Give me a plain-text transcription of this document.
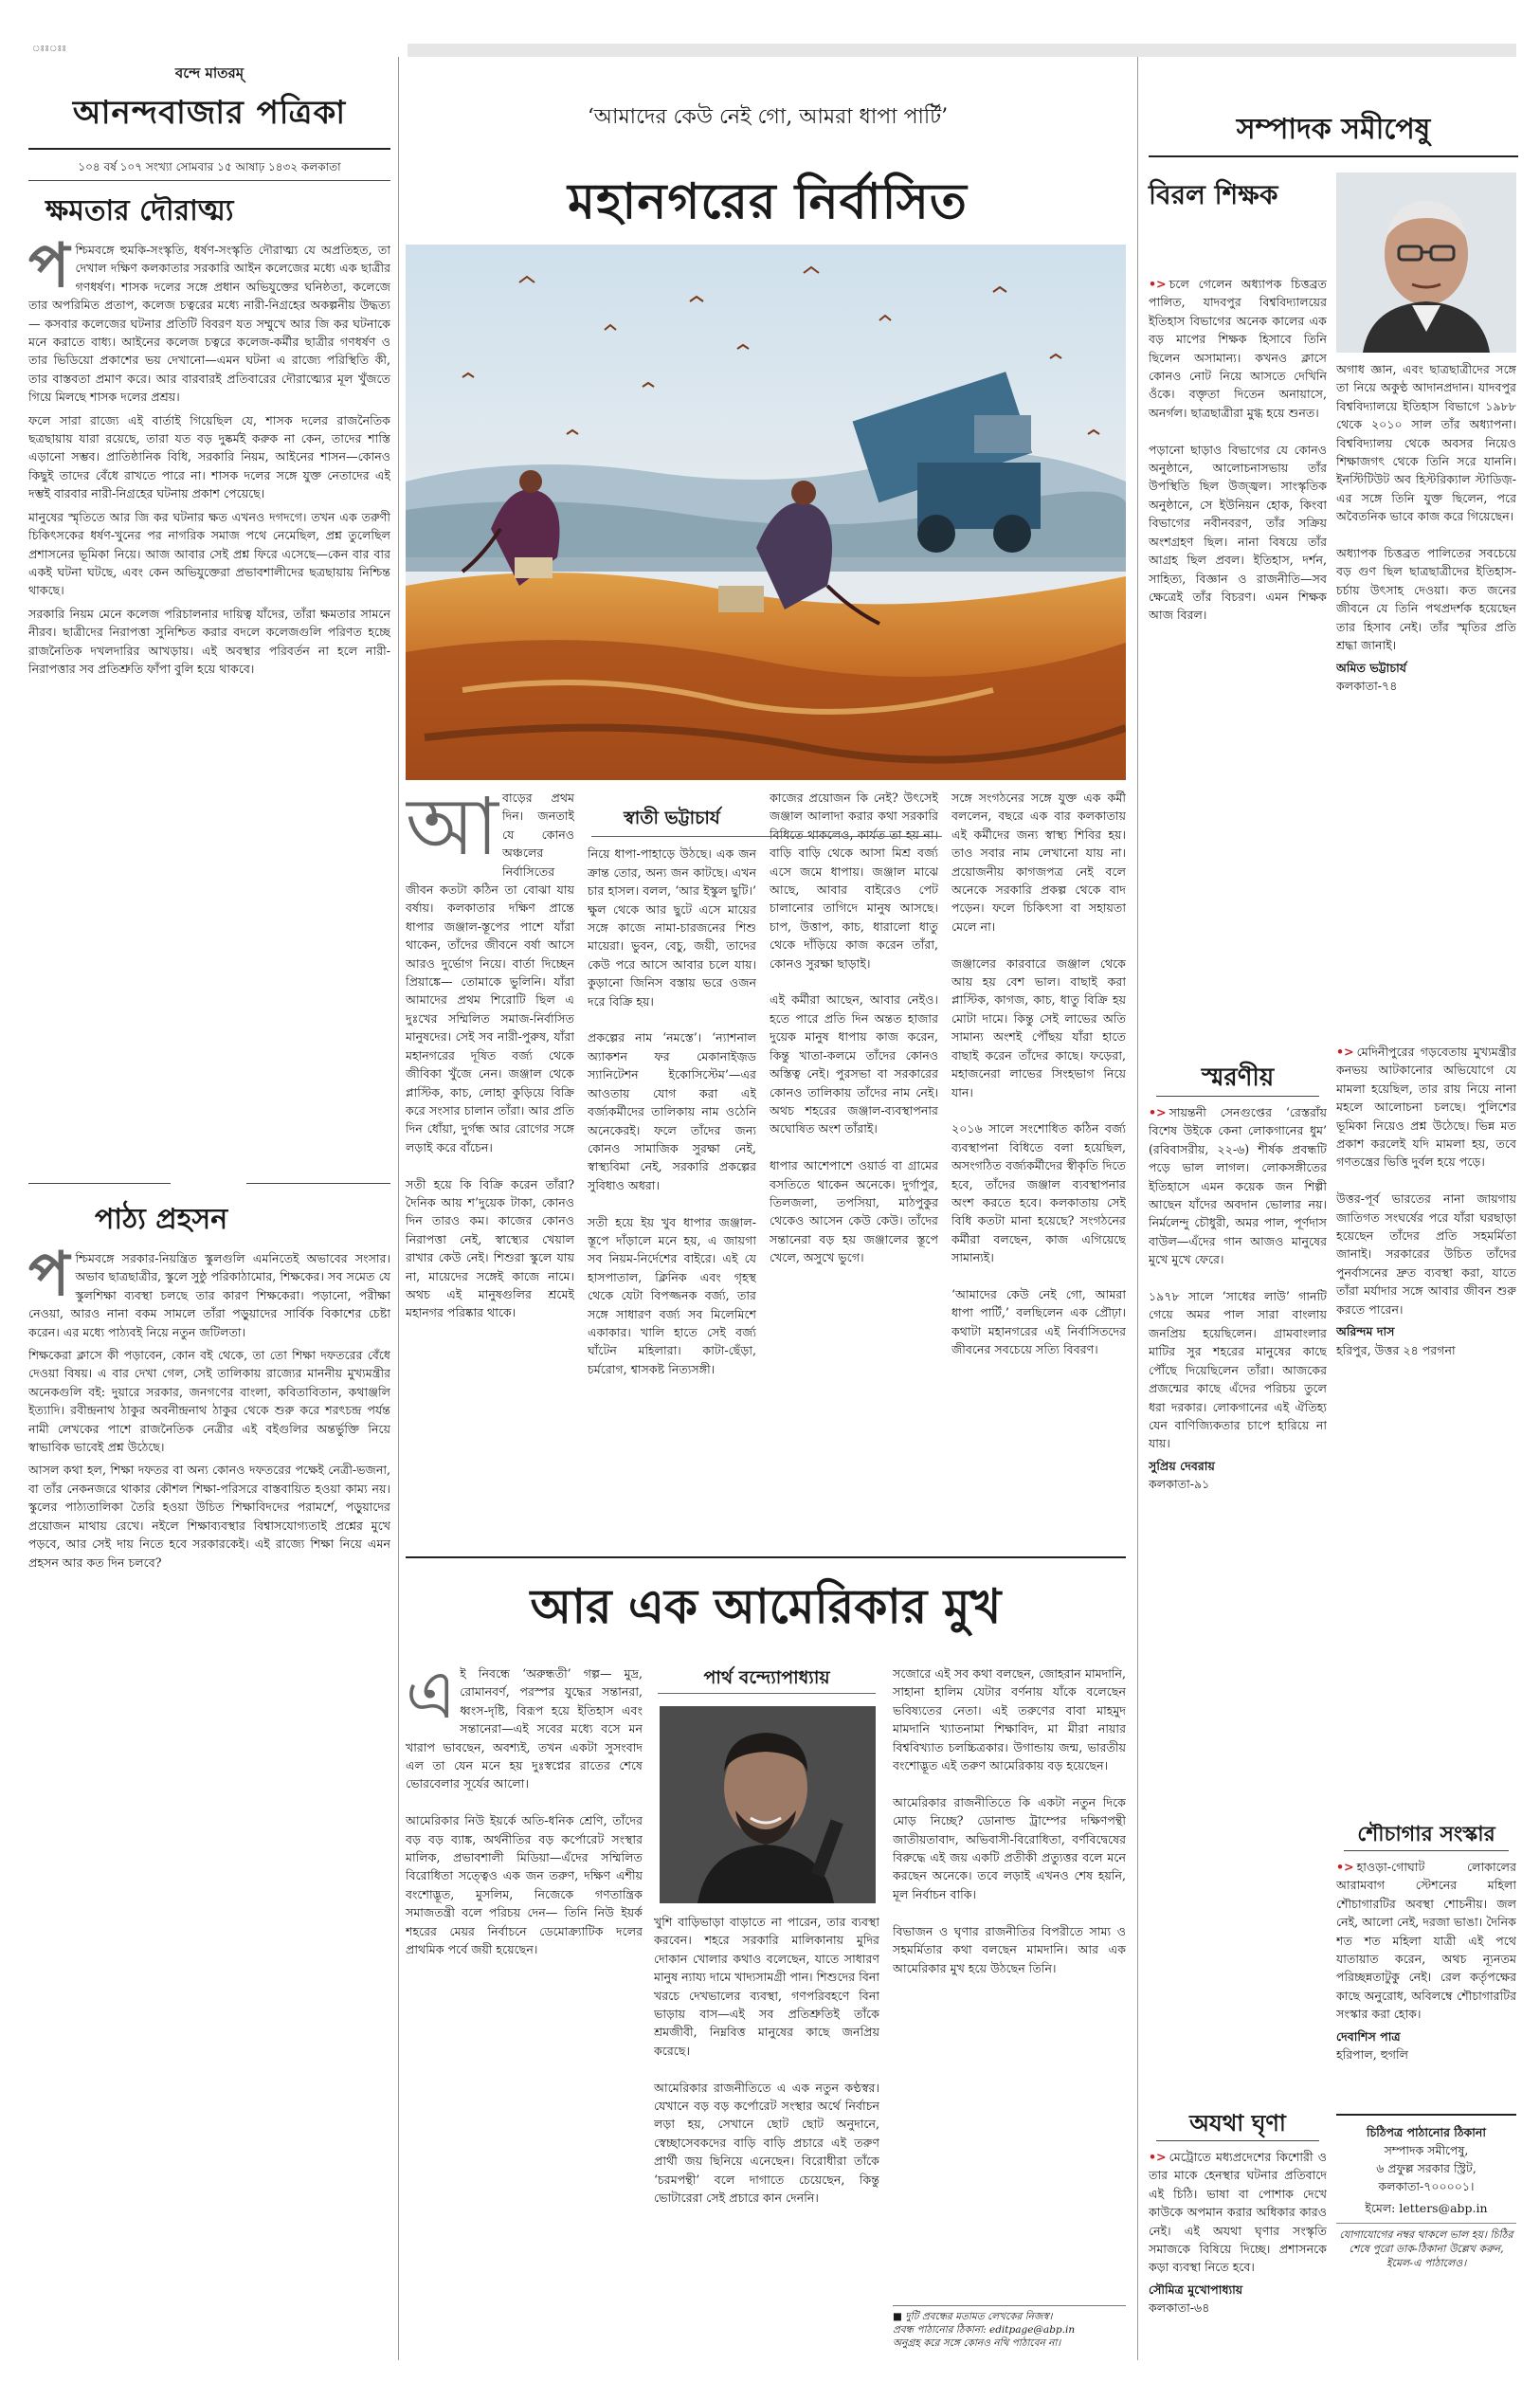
ঃঃঃঃ
বন্দে মাতরম্
আনন্দবাজার পত্রিকা
১০৪ বর্ষ ১০৭ সংখ্যা সোমবার ১৫ আষাঢ় ১৪৩২ কলকাতা
ক্ষমতার দৌরাত্ম্য
প শ্চিমবঙ্গে হুমকি-সংস্কৃতি, ধর্ষণ-সংস্কৃতি দৌরাত্ম্য যে অপ্রতিহত, তা দেখাল দক্ষিণ কলকাতার সরকারি আইন কলেজের মধ্যে এক ছাত্রীর গণধর্ষণ। শাসক দলের সঙ্গে প্রধান অভিযুক্তের ঘনিষ্ঠতা, কলেজে তার অপরিমিত প্রতাপ, কলেজ চত্বরের মধ্যে নারী-নিগ্রহের অকল্পনীয় উদ্ধত্য— কসবার কলেজের ঘটনার প্রতিটি বিবরণ যত সম্মুখে আর জি কর ঘটনাকে মনে করাতে বাধ্য। আইনের কলেজ চত্বরে কলেজ-কর্মীর ছাত্রীর গণধর্ষণ ও তার ভিডিয়ো প্রকাশের ভয় দেখানো—এমন ঘটনা এ রাজ্যে পরিস্থিতি কী, তার বাস্তবতা প্রমাণ করে। আর বারবারই প্রতিবারের দৌরাত্ম্যের মূল খুঁজতে গিয়ে মিলছে শাসক দলের প্রশ্রয়।

ফলে সারা রাজ্যে এই বার্তাই গিয়েছিল যে, শাসক দলের রাজনৈতিক ছত্রছায়ায় যারা রয়েছে, তারা যত বড় দুষ্কর্মই করুক না কেন, তাদের শাস্তি এড়ানো সম্ভব। প্রাতিষ্ঠানিক বিধি, সরকারি নিয়ম, আইনের শাসন—কোনও কিছুই তাদের বেঁধে রাখতে পারে না। শাসক দলের সঙ্গে যুক্ত নেতাদের এই দম্ভই বারবার নারী-নিগ্রহের ঘটনায় প্রকাশ পেয়েছে।

মানুষের স্মৃতিতে আর জি কর ঘটনার ক্ষত এখনও দগদগে। তখন এক তরুণী চিকিৎসকের ধর্ষণ-খুনের পর নাগরিক সমাজ পথে নেমেছিল, প্রশ্ন তুলেছিল প্রশাসনের ভূমিকা নিয়ে। আজ আবার সেই প্রশ্ন ফিরে এসেছে—কেন বার বার একই ঘটনা ঘটছে, এবং কেন অভিযুক্তেরা প্রভাবশালীদের ছত্রছায়ায় নিশ্চিন্ত থাকছে।

সরকারি নিয়ম মেনে কলেজ পরিচালনার দায়িত্ব যাঁদের, তাঁরা ক্ষমতার সামনে নীরব। ছাত্রীদের নিরাপত্তা সুনিশ্চিত করার বদলে কলেজগুলি পরিণত হচ্ছে রাজনৈতিক দখলদারির আখড়ায়। এই অবস্থার পরিবর্তন না হলে নারী-নিরাপত্তার সব প্রতিশ্রুতি ফাঁপা বুলি হয়ে থাকবে।

পাঠ্য প্রহসন
প শ্চিমবঙ্গে সরকার-নিয়ন্ত্রিত স্কুলগুলি এমনিতেই অভাবের সংসার। অভাব ছাত্রছাত্রীর, স্কুলে সুষ্ঠু পরিকাঠামোর, শিক্ষকের। সব সমেত যে স্কুলশিক্ষা ব্যবস্থা চলছে তার কারণ শিক্ষকেরা। পড়ানো, পরীক্ষা নেওয়া, আরও নানা বকম সামলে তাঁরা পড়ুয়াদের সার্বিক বিকাশের চেষ্টা করেন। এর মধ্যে পাঠ্যবই নিয়ে নতুন জটিলতা।

শিক্ষকেরা ক্লাসে কী পড়াবেন, কোন বই থেকে, তা তো শিক্ষা দফতরের বেঁধে দেওয়া বিষয়। এ বার দেখা গেল, সেই তালিকায় রাজ্যের মাননীয় মুখ্যমন্ত্রীর অনেকগুলি বই: দুয়ারে সরকার, জনগণের বাংলা, কবিতাবিতান, কথাঞ্জলি ইত্যাদি। রবীন্দ্রনাথ ঠাকুর অবনীন্দ্রনাথ ঠাকুর থেকে শুরু করে শরৎচন্দ্র পর্যন্ত নামী লেখকের পাশে রাজনৈতিক নেত্রীর এই বইগুলির অন্তর্ভুক্তি নিয়ে স্বাভাবিক ভাবেই প্রশ্ন উঠেছে।

আসল কথা হল, শিক্ষা দফতর বা অন্য কোনও দফতরের পক্ষেই নেত্রী-ভজনা, বা তাঁর নেকনজরে থাকার কৌশল শিক্ষা-পরিসরে বাস্তবায়িত হওয়া কাম্য নয়। স্কুলের পাঠ্যতালিকা তৈরি হওয়া উচিত শিক্ষাবিদদের পরামর্শে, পড়ুয়াদের প্রয়োজন মাথায় রেখে। নইলে শিক্ষাব্যবস্থার বিশ্বাসযোগ্যতাই প্রশ্নের মুখে পড়বে, আর সেই দায় নিতে হবে সরকারকেই। এই রাজ্যে শিক্ষা নিয়ে এমন প্রহসন আর কত দিন চলবে?

‘আমাদের কেউ নেই গো, আমরা ধাপা পার্টি’
মহানগরের নির্বাসিত
আ বাড়ের প্রথম দিন। জনতাই যে কোনও অঞ্চলের নির্বাসিতের জীবন কতটা কঠিন তা বোঝা যায় বর্ষায়। কলকাতার দক্ষিণ প্রান্তে ধাপার জঞ্জাল-স্তূপের পাশে যাঁরা থাকেন, তাঁদের জীবনে বর্ষা আসে আরও দুর্ভোগ নিয়ে। বার্তা দিচ্ছেন প্রিয়াঙ্কে— তোমাকে ভুলিনি। যাঁরা আমাদের প্রথম শিরোটি ছিল এ দুঃখের সম্মিলিত সমাজ-নির্বাসিত মানুষদের। সেই সব নারী-পুরুষ, যাঁরা মহানগরের দূষিত বর্জ্য থেকে জীবিকা খুঁজে নেন। জঞ্জাল থেকে প্লাস্টিক, কাচ, লোহা কুড়িয়ে বিক্রি করে সংসার চালান তাঁরা। আর প্রতি দিন ধোঁয়া, দুর্গন্ধ আর রোগের সঙ্গে লড়াই করে বাঁচেন।

সতী হয়ে কি বিক্রি করেন তাঁরা? দৈনিক আয় শ’দুয়েক টাকা, কোনও দিন তারও কম। কাজের কোনও নিরাপত্তা নেই, স্বাস্থ্যের খেয়াল রাখার কেউ নেই। শিশুরা স্কুলে যায় না, মায়েদের সঙ্গেই কাজে নামে। অথচ এই মানুষগুলির শ্রমেই মহানগর পরিষ্কার থাকে।
স্বাতী ভট্টাচার্য
নিয়ে ধাপা-পাহাড়ে উঠছে। এক জন ক্রান্ত তোর, অন্য জন কাটছে। এখন চার হাসল। বলল, ‘আর ইস্কুল ছুটি।’ ক্ষুল থেকে আর ছুটে এসে মায়ের সঙ্গে কাজে নামা-চারজনের শিশু মায়েরা। ভুবন, বেচু, জয়ী, তাদের কেউ পরে আসে আবার চলে যায়। কুড়ানো জিনিস বস্তায় ভরে ওজন দরে বিক্রি হয়।

প্রকল্পের নাম ‘নমস্তে’। ‘ন্যাশনাল অ্যাকশন ফর মেকানাইজ়ড স্যানিটেশন ইকোসিস্টেম’—এর আওতায় যোগ করা এই বর্জ্যকর্মীদের তালিকায় নাম ওঠেনি অনেকেরই। ফলে তাঁদের জন্য কোনও সামাজিক সুরক্ষা নেই, স্বাস্থ্যবিমা নেই, সরকারি প্রকল্পের সুবিধাও অধরা।

সতী হয়ে ইয় খুব ধাপার জঞ্জাল-স্তূপে দাঁড়ালে মনে হয়, এ জায়গা সব নিয়ম-নির্দেশের বাইরে। এই যে হাসপাতাল, ক্লিনিক এবং গৃহস্থ থেকে যেটা বিপজ্জনক বর্জ্য, তার সঙ্গে সাধারণ বর্জ্য সব মিলেমিশে একাকার। খালি হাতে সেই বর্জ্য ঘাঁটেন মহিলারা। কাটা-ছেঁড়া, চর্মরোগ, শ্বাসকষ্ট নিত্যসঙ্গী।
কাজের প্রয়োজন কি নেই? উৎসেই জঞ্জাল আলাদা করার কথা সরকারি বিধিতে থাকলেও, কার্যত তা হয় না। বাড়ি বাড়ি থেকে আসা মিশ্র বর্জ্য এসে জমে ধাপায়। জঞ্জাল মাঝে আছে, আবার বাইরেও পেট চালানোর তাগিদে মানুষ আসছে। চাপ, উত্তাপ, কাচ, ধারালো ধাতু থেকে দাঁড়িয়ে কাজ করেন তাঁরা, কোনও সুরক্ষা ছাড়াই।

এই কর্মীরা আছেন, আবার নেইও। হতে পারে প্রতি দিন অন্তত হাজার দুয়েক মানুষ ধাপায় কাজ করেন, কিন্তু খাতা-কলমে তাঁদের কোনও অস্তিত্ব নেই। পুরসভা বা সরকারের কোনও তালিকায় তাঁদের নাম নেই। অথচ শহরের জঞ্জাল-ব্যবস্থাপনার অঘোষিত অংশ তাঁরাই।

ধাপার আশেপাশে ওয়ার্ড বা গ্রামের বসতিতে থাকেন অনেকে। দুর্গাপুর, তিলজলা, তপসিয়া, মাঠপুকুর থেকেও আসেন কেউ কেউ। তাঁদের সন্তানেরা বড় হয় জঞ্জালের স্তূপে খেলে, অসুখে ভুগে।
সঙ্গে সংগঠনের সঙ্গে যুক্ত এক কর্মী বললেন, বছরে এক বার কলকাতায় এই কর্মীদের জন্য স্বাস্থ্য শিবির হয়। তাও সবার নাম লেখানো যায় না। প্রয়োজনীয় কাগজপত্র নেই বলে অনেকে সরকারি প্রকল্প থেকে বাদ পড়েন। ফলে চিকিৎসা বা সহায়তা মেলে না।

জঞ্জালের কারবারে জঞ্জাল থেকে আয় হয় বেশ ভাল। বাছাই করা প্লাস্টিক, কাগজ, কাচ, ধাতু বিক্রি হয় মোটা দামে। কিন্তু সেই লাভের অতি সামান্য অংশই পৌঁছয় যাঁরা হাতে বাছাই করেন তাঁদের কাছে। ফড়েরা, মহাজনেরা লাভের সিংহভাগ নিয়ে যান।

২০১৬ সালে সংশোধিত কঠিন বর্জ্য ব্যবস্থাপনা বিধিতে বলা হয়েছিল, অসংগঠিত বর্জ্যকর্মীদের স্বীকৃতি দিতে হবে, তাঁদের জঞ্জাল ব্যবস্থাপনার অংশ করতে হবে। কলকাতায় সেই বিধি কতটা মানা হয়েছে? সংগঠনের কর্মীরা বলছেন, কাজ এগিয়েছে সামান্যই।

‘আমাদের কেউ নেই গো, আমরা ধাপা পার্টি,’ বলছিলেন এক প্রৌঢ়া। কথাটা মহানগরের এই নির্বাসিতদের জীবনের সবচেয়ে সত্যি বিবরণ।
আর এক আমেরিকার মুখ
এ ই নিবন্ধে ‘অরুন্ধতী’ গল্প— মুদ্র, রোমানবৰ্ণ, পরস্পর যুদ্ধের সন্তানরা, ধ্বংস-দৃষ্টি, বিরূপ হয়ে ইতিহাস এবং সন্তানেরা—এই সবের মধ্যে বসে মন খারাপ ভাবছেন, অবশ্যই, তখন একটা সুসংবাদ এল তা যেন মনে হয় দুঃস্বপ্নের রাতের শেষে ভোরবেলার সূর্যের আলো।

আমেরিকার নিউ ইয়র্কে অতি-ধনিক শ্রেণি, তাঁদের বড় বড় ব্যাঙ্ক, অর্থনীতির বড় কর্পোরেট সংস্থার মালিক, প্রভাবশালী মিডিয়া—এঁদের সম্মিলিত বিরোধিতা সত্ত্বেও এক জন তরুণ, দক্ষিণ এশীয় বংশোদ্ভূত, মুসলিম, নিজেকে গণতান্ত্রিক সমাজতন্ত্রী বলে পরিচয় দেন— তিনি নিউ ইয়র্ক শহরের মেয়র নির্বাচনে ডেমোক্র্যাটিক দলের প্রাথমিক পর্বে জয়ী হয়েছেন।
পার্থ বন্দ্যোপাধ্যায়
খুশি বাড়িভাড়া বাড়াতে না পারেন, তার ব্যবস্থা করবেন। শহরে সরকারি মালিকানায় মুদির দোকান খোলার কথাও বলেছেন, যাতে সাধারণ মানুষ ন্যায্য দামে খাদ্যসামগ্রী পান। শিশুদের বিনা খরচে দেখভালের ব্যবস্থা, গণপরিবহণে বিনা ভাড়ায় বাস—এই সব প্রতিশ্রুতিই তাঁকে শ্রমজীবী, নিম্নবিত্ত মানুষের কাছে জনপ্রিয় করেছে।

আমেরিকার রাজনীতিতে এ এক নতুন কণ্ঠস্বর। যেখানে বড় বড় কর্পোরেট সংস্থার অর্থে নির্বাচন লড়া হয়, সেখানে ছোট ছোট অনুদানে, স্বেচ্ছাসেবকদের বাড়ি বাড়ি প্রচারে এই তরুণ প্রার্থী জয় ছিনিয়ে এনেছেন। বিরোধীরা তাঁকে ‘চরমপন্থী’ বলে দাগাতে চেয়েছেন, কিন্তু ভোটারেরা সেই প্রচারে কান দেননি।
সজোরে এই সব কথা বলছেন, জোহরান মামদানি, সাহানা হালিম যেটার বর্ণনায় যাঁকে বলেছেন ভবিষ্যতের নেতা। এই তরুণের বাবা মাহমুদ মামদানি খ্যাতনামা শিক্ষাবিদ, মা মীরা নায়ার বিশ্ববিখ্যাত চলচ্চিত্রকার। উগান্ডায় জন্ম, ভারতীয় বংশোদ্ভূত এই তরুণ আমেরিকায় বড় হয়েছেন।

আমেরিকার রাজনীতিতে কি একটা নতুন দিকে মোড় নিচ্ছে? ডোনাল্ড ট্রাম্পের দক্ষিণপন্থী জাতীয়তাবাদ, অভিবাসী-বিরোধিতা, বর্ণবিদ্বেষের বিরুদ্ধে এই জয় একটি প্রতীকী প্রত্যুত্তর বলে মনে করছেন অনেকে। তবে লড়াই এখনও শেষ হয়নি, মূল নির্বাচন বাকি।

বিভাজন ও ঘৃণার রাজনীতির বিপরীতে সাম্য ও সহমর্মিতার কথা বলছেন মামদানি। আর এক আমেরিকার মুখ হয়ে উঠছেন তিনি।
■ দুটি প্রবন্ধের মতামত লেখকের নিজস্ব।
প্রবন্ধ পাঠানোর ঠিকানা: editpage@abp.in
অনুগ্রহ করে সঙ্গে কোনও নথি পাঠাবেন না।
সম্পাদক সমীপেষু
বিরল শিক্ষক
•> চলে গেলেন অধ্যাপক চিত্তব্রত পালিত, যাদবপুর বিশ্ববিদ্যালয়ের ইতিহাস বিভাগের অনেক কালের এক বড় মাপের শিক্ষক হিসাবে তিনি ছিলেন অসামান্য। কখনও ক্লাসে কোনও নোট নিয়ে আসতে দেখিনি ওঁকে। বক্তৃতা দিতেন অনায়াসে, অনর্গল। ছাত্রছাত্রীরা মুগ্ধ হয়ে শুনত।

পড়ানো ছাড়াও বিভাগের যে কোনও অনুষ্ঠানে, আলোচনাসভায় তাঁর উপস্থিতি ছিল উজ্জ্বল। সাংস্কৃতিক অনুষ্ঠানে, সে ইউনিয়ন হোক, কিংবা বিভাগের নবীনবরণ, তাঁর সক্রিয় অংশগ্রহণ ছিল। নানা বিষয়ে তাঁর আগ্রহ ছিল প্রবল। ইতিহাস, দর্শন, সাহিত্য, বিজ্ঞান ও রাজনীতি—সব ক্ষেত্রেই তাঁর বিচরণ। এমন শিক্ষক আজ বিরল।
অগাধ জ্ঞান, এবং ছাত্রছাত্রীদের সঙ্গে তা নিয়ে অকুণ্ঠ আদানপ্রদান। যাদবপুর বিশ্ববিদ্যালয়ে ইতিহাস বিভাগে ১৯৮৮ থেকে ২০১০ সাল তাঁর অধ্যাপনা। বিশ্ববিদ্যালয় থেকে অবসর নিয়েও শিক্ষাজগৎ থেকে তিনি সরে যাননি। ইনস্টিটিউট অব হিস্টরিক্যাল স্টাডিজ়-এর সঙ্গে তিনি যুক্ত ছিলেন, পরে অবৈতনিক ভাবে কাজ করে গিয়েছেন।

অধ্যাপক চিত্তব্রত পালিতের সবচেয়ে বড় গুণ ছিল ছাত্রছাত্রীদের ইতিহাস-চর্চায় উৎসাহ দেওয়া। কত জনের জীবনে যে তিনি পথপ্রদর্শক হয়েছেন তার হিসাব নেই। তাঁর স্মৃতির প্রতি শ্রদ্ধা জানাই।
অমিত ভট্টাচার্য
কলকাতা-৭৪
স্মরণীয়
•> সায়ন্তনী সেনগুপ্তের ‘রেস্তরাঁয় বিশেষ উইকে কেনা লোকগানের ধুম’ (রবিবাসরীয়, ২২-৬) শীর্ষক প্রবন্ধটি পড়ে ভাল লাগল। লোকসঙ্গীতের ইতিহাসে এমন কয়েক জন শিল্পী আছেন যাঁদের অবদান ভোলার নয়। নির্মলেন্দু চৌধুরী, অমর পাল, পূর্ণদাস বাউল—এঁদের গান আজও মানুষের মুখে মুখে ফেরে।

১৯৭৮ সালে ‘সাধের লাউ’ গানটি গেয়ে অমর পাল সারা বাংলায় জনপ্রিয় হয়েছিলেন। গ্রামবাংলার মাটির সুর শহরের মানুষের কাছে পৌঁছে দিয়েছিলেন তাঁরা। আজকের প্রজন্মের কাছে এঁদের পরিচয় তুলে ধরা দরকার। লোকগানের এই ঐতিহ্য যেন বাণিজ্যিকতার চাপে হারিয়ে না যায়।
সুপ্রিয় দেবরায়
কলকাতা-৯১
•> মেদিনীপুরের গড়বেতায় মুখ্যমন্ত্রীর কনভয় আটকানোর অভিযোগে যে মামলা হয়েছিল, তার রায় নিয়ে নানা মহলে আলোচনা চলছে। পুলিশের ভূমিকা নিয়েও প্রশ্ন উঠেছে। ভিন্ন মত প্রকাশ করলেই যদি মামলা হয়, তবে গণতন্ত্রের ভিত্তি দুর্বল হয়ে পড়ে।

উত্তর-পূর্ব ভারতের নানা জায়গায় জাতিগত সংঘর্ষের পরে যাঁরা ঘরছাড়া হয়েছেন তাঁদের প্রতি সহমর্মিতা জানাই। সরকারের উচিত তাঁদের পুনর্বাসনের দ্রুত ব্যবস্থা করা, যাতে তাঁরা মর্যাদার সঙ্গে আবার জীবন শুরু করতে পারেন।
অরিন্দম দাস
হরিপুর, উত্তর ২৪ পরগনা
শৌচাগার সংস্কার
•> হাওড়া-গোঘাট লোকালের আরামবাগ স্টেশনের মহিলা শৌচাগারটির অবস্থা শোচনীয়। জল নেই, আলো নেই, দরজা ভাঙা। দৈনিক শত শত মহিলা যাত্রী এই পথে যাতায়াত করেন, অথচ ন্যূনতম পরিচ্ছন্নতাটুকু নেই। রেল কর্তৃপক্ষের কাছে অনুরোধ, অবিলম্বে শৌচাগারটির সংস্কার করা হোক।
দেবাশিস পাত্র
হরিপাল, হুগলি
অযথা ঘৃণা
•> মেট্রোতে মধ্যপ্রদেশের কিশোরী ও তার মাকে হেনস্থার ঘটনার প্রতিবাদে এই চিঠি। ভাষা বা পোশাক দেখে কাউকে অপমান করার অধিকার কারও নেই। এই অযথা ঘৃণার সংস্কৃতি সমাজকে বিষিয়ে দিচ্ছে। প্রশাসনকে কড়া ব্যবস্থা নিতে হবে।
সৌমিত্র মুখোপাধ্যায়
কলকাতা-৬৪
চিঠিপত্র পাঠানোর ঠিকানা
সম্পাদক সমীপেষু,
৬ প্রফুল্ল সরকার স্ট্রিট,
কলকাতা-৭০০০০১।
ইমেল: letters@abp.in
যোগাযোগের নম্বর থাকলে ভাল হয়। চিঠির শেষে পুরো ডাক-ঠিকানা উল্লেখ করুন, ইমেল-এ পাঠালেও।
